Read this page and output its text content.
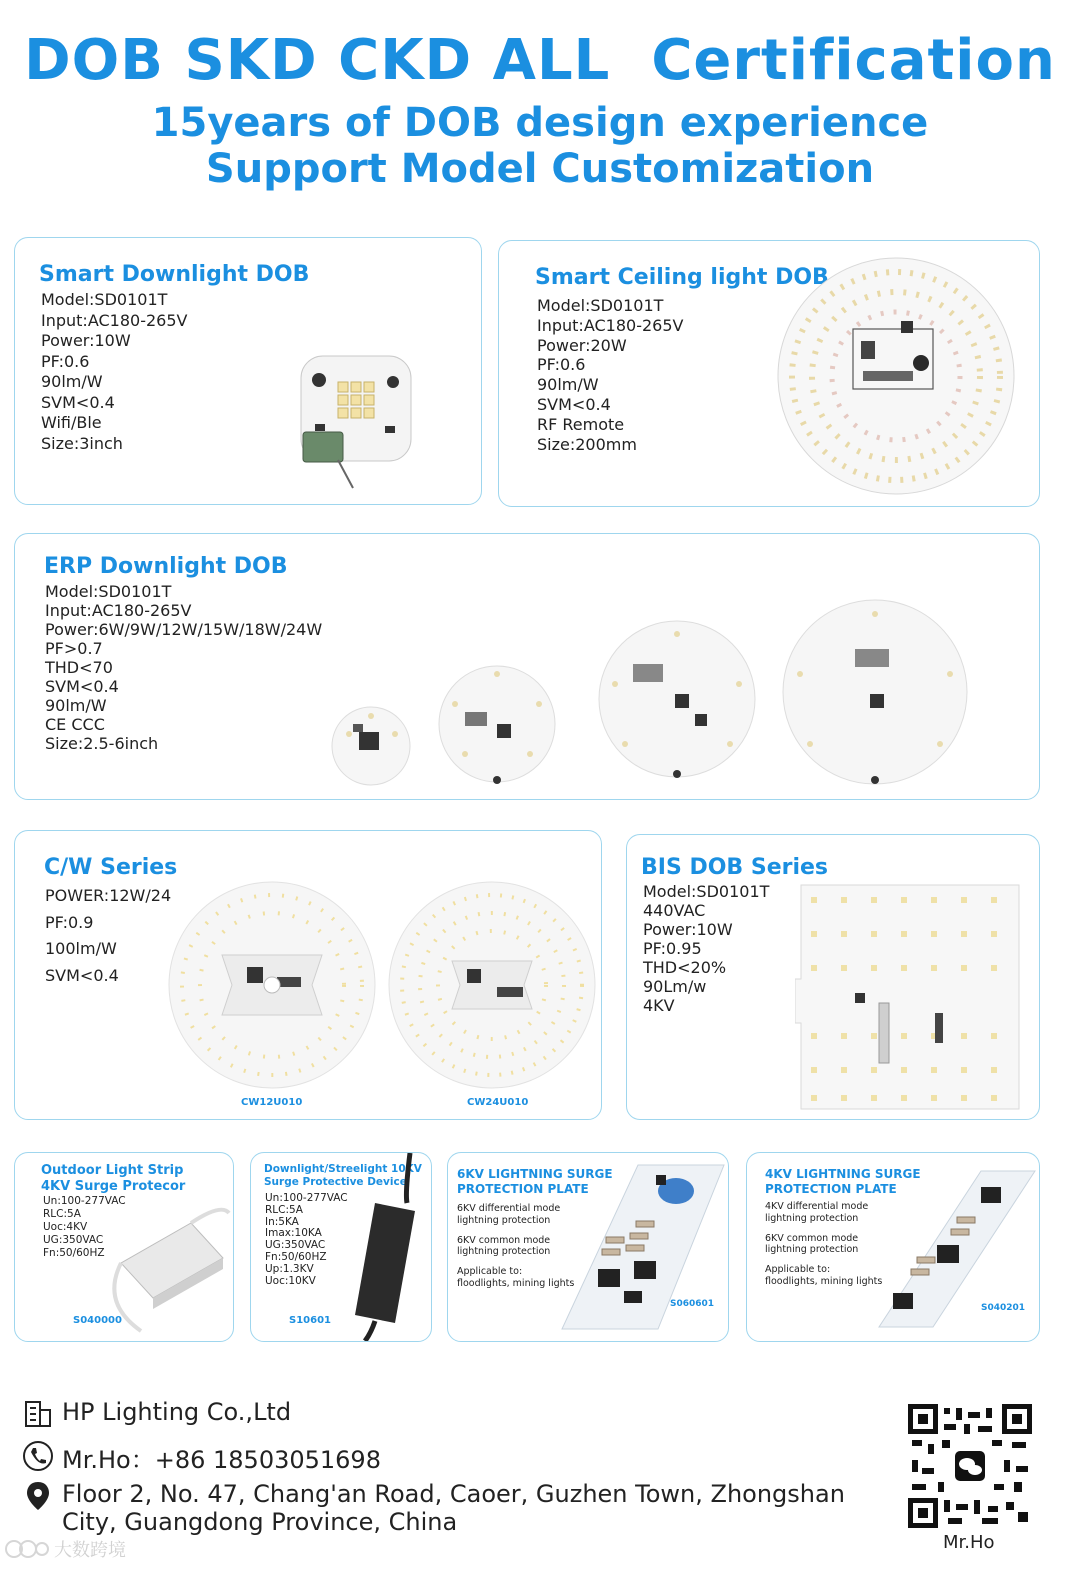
DOB SKD CKD ALL  Certification
15years of DOB design experience
Support Model Customization
Smart Downlight DOB
Model:SD0101T
Input:AC180-265V
Power:10W
PF:0.6
90lm/W
SVM<0.4
Wifi/Ble
Size:3inch
Smart Ceiling light DOB
Model:SD0101T
Input:AC180-265V
Power:20W
PF:0.6
90lm/W
SVM<0.4
RF Remote
Size:200mm
ERP Downlight DOB
Model:SD0101T
Input:AC180-265V
Power:6W/9W/12W/15W/18W/24W
PF>0.7
THD<70
SVM<0.4
90lm/W
CE CCC
Size:2.5-6inch
C/W Series
POWER:12W/24
PF:0.9
100lm/W
SVM<0.4
CW12U010	CW24U010
BIS DOB Series
Model:SD0101T
440VAC
Power:10W
PF:0.95
THD<20%
90Lm/w
4KV
Outdoor Light Strip
4KV Surge Protecor
Un:100-277VAC
RLC:5A
Uoc:4KV
UG:350VAC
Fn:50/60HZ
S040000
Downlight/Streelight 10KV
Surge Protective Device
Un:100-277VAC
RLC:5A
In:5KA
Imax:10KA
UG:350VAC
Fn:50/60HZ
Up:1.3KV
Uoc:10KV
S10601
6KV LIGHTNING SURGE
PROTECTION PLATE
6KV differential mode
lightning protection
6KV common mode
lightning protection
Applicable to:
floodlights, mining lights
S060601
4KV LIGHTNING SURGE
PROTECTION PLATE
4KV differential mode
lightning protection
6KV common mode
lightning protection
Applicable to:
floodlights, mining lights
S040201
HP Lighting Co.,Ltd
Mr.Ho：+86 18503051698
Floor 2, No. 47, Chang'an Road, Caoer, Guzhen Town, Zhongshan
City, Guangdong Province, China
Mr.Ho
大数跨境
